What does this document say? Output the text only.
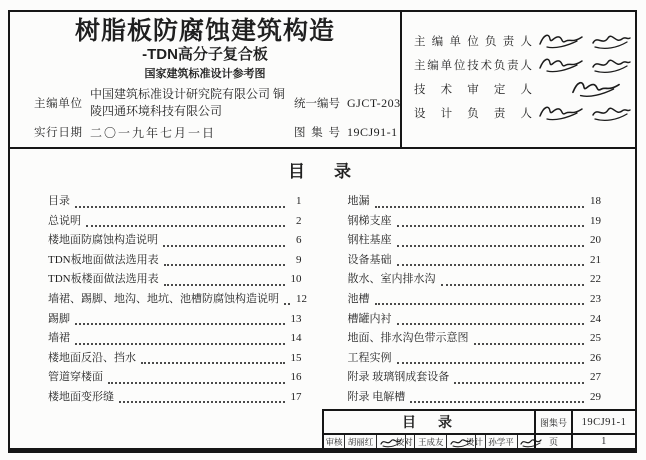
树脂板防腐蚀建筑构造
-TDN高分子复合板
国家建筑标准设计参考图
主编单位
中国建筑标准设计研究院有限公司 铜陵四通环境科技有限公司	统一编号 GJCT-203
实行日期 二〇一九年七月一日	图集号 19CJ91-1
主编单位负责人
主编单位技术负责人
技术审定人
设计负责人
目　录
目录	1
总说明	2
楼地面防腐蚀构造说明	6
TDN板地面做法选用表	9
TDN板楼面做法选用表	10
墙裙、踢脚、地沟、地坑、池槽防腐蚀构造说明 12
踢脚	13
墙裙	14
楼地面反沿、挡水	15
管道穿楼面	16
楼地面变形缝	17
地漏	18
钢梯支座	19
钢柱基座	20
设备基础	21
散水、室内排水沟	22
池槽	23
槽罐内衬	24
地面、排水沟色带示意图	25
工程实例	26
附录 玻璃钢成套设备	27
附录 电解槽	29
目　录	图集号	19CJ91-1
审核 胡丽红	校对 王成友	设计 孙学平	页	1
